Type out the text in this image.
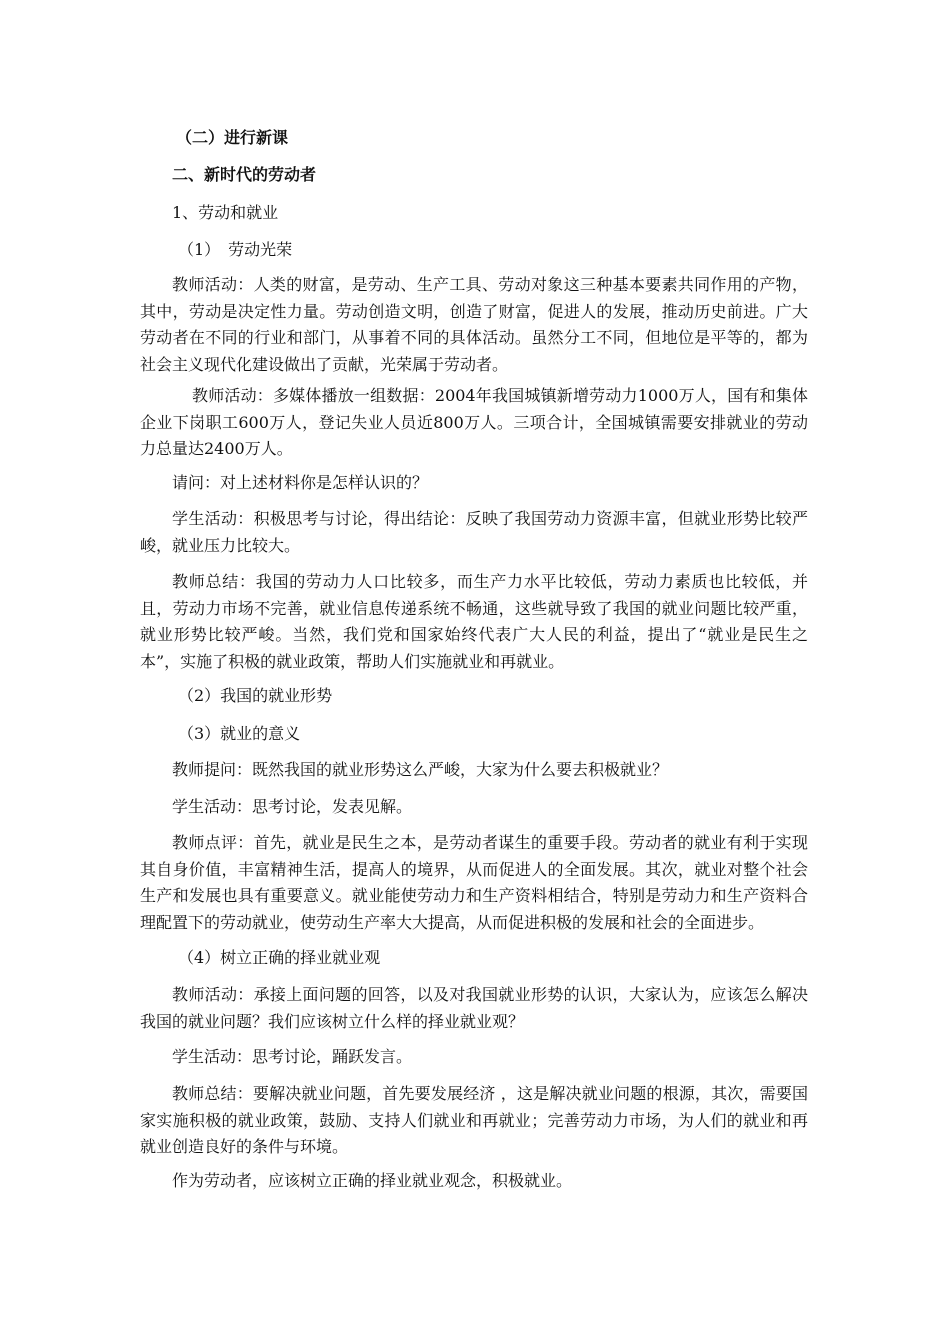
（二）进行新课

二、新时代的劳动者

1、劳动和就业

（1）　劳动光荣

教师活动：人类的财富，是劳动、生产工具、劳动对象这三种基本要素共同作用的产物，其中，劳动是决定性力量。劳动创造文明，创造了财富，促进人的发展，推动历史前进。广大劳动者在不同的行业和部门，从事着不同的具体活动。虽然分工不同，但地位是平等的，都为社会主义现代化建设做出了贡献，光荣属于劳动者。

教师活动：多媒体播放一组数据：2004年我国城镇新增劳动力1000万人，国有和集体企业下岗职工600万人，登记失业人员近800万人。三项合计，全国城镇需要安排就业的劳动力总量达2400万人。

请问：对上述材料你是怎样认识的？

学生活动：积极思考与讨论，得出结论：反映了我国劳动力资源丰富，但就业形势比较严峻，就业压力比较大。

教师总结：我国的劳动力人口比较多，而生产力水平比较低，劳动力素质也比较低，并且，劳动力市场不完善，就业信息传递系统不畅通，这些就导致了我国的就业问题比较严重，就业形势比较严峻。当然，我们党和国家始终代表广大人民的利益，提出了“就业是民生之本”，实施了积极的就业政策，帮助人们实施就业和再就业。

（2）我国的就业形势

（3）就业的意义

教师提问：既然我国的就业形势这么严峻，大家为什么要去积极就业？

学生活动：思考讨论，发表见解。

教师点评：首先，就业是民生之本，是劳动者谋生的重要手段。劳动者的就业有利于实现其自身价值，丰富精神生活，提高人的境界，从而促进人的全面发展。其次，就业对整个社会生产和发展也具有重要意义。就业能使劳动力和生产资料相结合，特别是劳动力和生产资料合理配置下的劳动就业，使劳动生产率大大提高，从而促进积极的发展和社会的全面进步。

（4）树立正确的择业就业观

教师活动：承接上面问题的回答，以及对我国就业形势的认识，大家认为，应该怎么解决我国的就业问题？我们应该树立什么样的择业就业观？

学生活动：思考讨论，踊跃发言。

教师总结：要解决就业问题，首先要发展经济 ，这是解决就业问题的根源，其次，需要国家实施积极的就业政策，鼓励、支持人们就业和再就业；完善劳动力市场，为人们的就业和再就业创造良好的条件与环境。

作为劳动者，应该树立正确的择业就业观念，积极就业。
